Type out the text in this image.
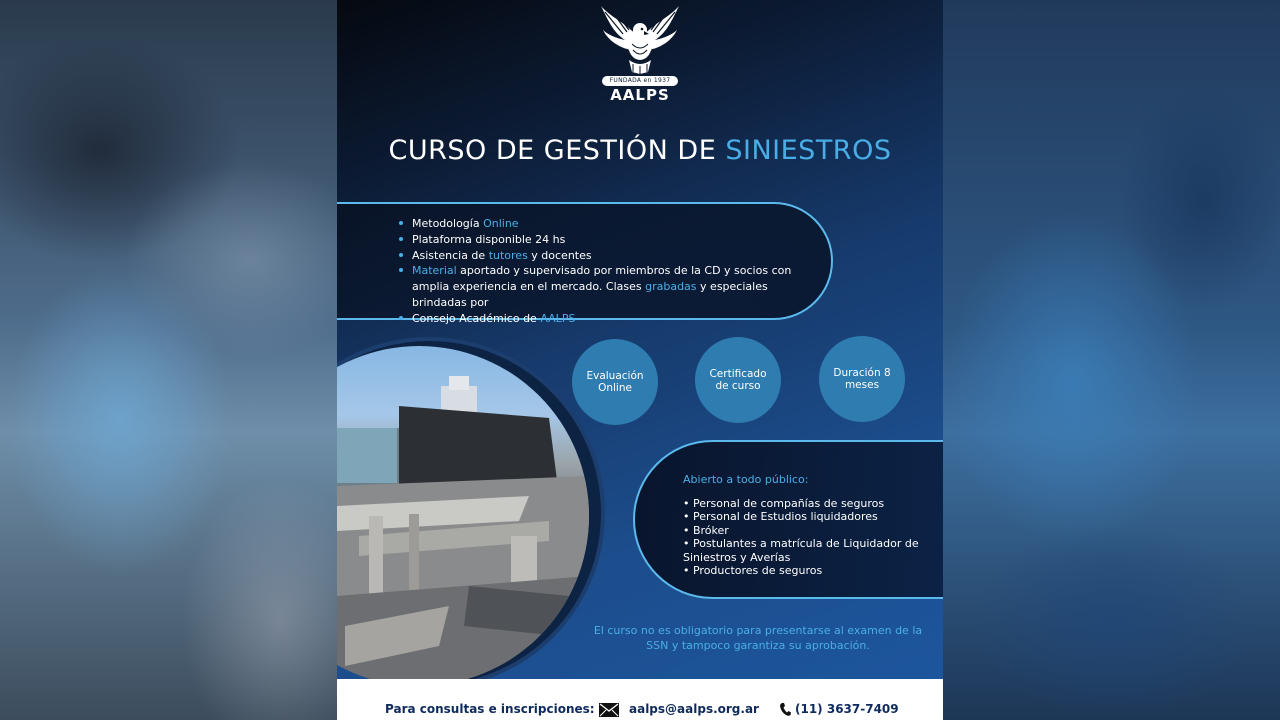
FUNDADA en 1937
AALPS
CURSO DE GESTIÓN DE SINIESTROS
Metodología Online
Plataforma disponible 24 hs
Asistencia de tutores y docentes
Material aportado y supervisado por miembros de la CD y socios con amplia experiencia en el mercado. Clases grabadas y especiales brindadas por
Consejo Académico de AALPS
Evaluación Online
Certificado de curso
Duración 8 meses
Abierto a todo público:
• Personal de compañías de seguros
• Personal de Estudios liquidadores
• Bróker
• Postulantes a matrícula de Liquidador de Siniestros y Averías
• Productores de seguros
El curso no es obligatorio para presentarse al examen de la SSN y tampoco garantiza su aprobación.
Para consultas e inscripciones:	aalps@aalps.org.ar	(11) 3637-7409
